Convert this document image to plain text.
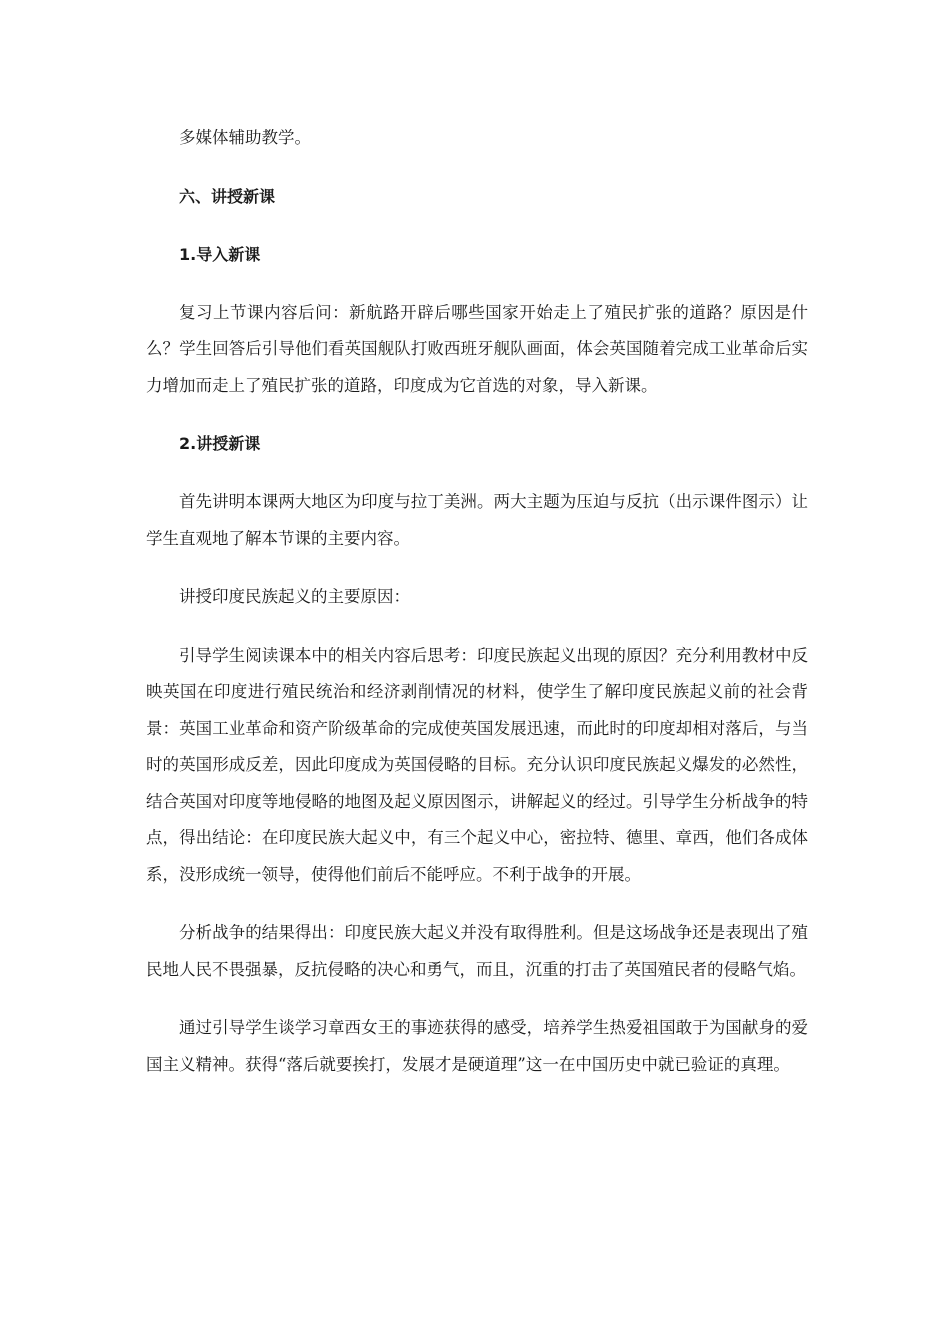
多媒体辅助教学。

六、讲授新课

1.导入新课

复习上节课内容后问：新航路开辟后哪些国家开始走上了殖民扩张的道路？原因是什么？学生回答后引导他们看英国舰队打败西班牙舰队画面，体会英国随着完成工业革命后实力增加而走上了殖民扩张的道路，印度成为它首选的对象，导入新课。

2.讲授新课

首先讲明本课两大地区为印度与拉丁美洲。两大主题为压迫与反抗（出示课件图示）让学生直观地了解本节课的主要内容。

讲授印度民族起义的主要原因：

引导学生阅读课本中的相关内容后思考：印度民族起义出现的原因？充分利用教材中反映英国在印度进行殖民统治和经济剥削情况的材料，使学生了解印度民族起义前的社会背景：英国工业革命和资产阶级革命的完成使英国发展迅速，而此时的印度却相对落后，与当时的英国形成反差，因此印度成为英国侵略的目标。充分认识印度民族起义爆发的必然性，结合英国对印度等地侵略的地图及起义原因图示，讲解起义的经过。引导学生分析战争的特点，得出结论：在印度民族大起义中，有三个起义中心，密拉特、德里、章西，他们各成体系，没形成统一领导，使得他们前后不能呼应。不利于战争的开展。

分析战争的结果得出：印度民族大起义并没有取得胜利。但是这场战争还是表现出了殖民地人民不畏强暴，反抗侵略的决心和勇气，而且，沉重的打击了英国殖民者的侵略气焰。

通过引导学生谈学习章西女王的事迹获得的感受，培养学生热爱祖国敢于为国献身的爱国主义精神。获得“落后就要挨打，发展才是硬道理”这一在中国历史中就已验证的真理。
